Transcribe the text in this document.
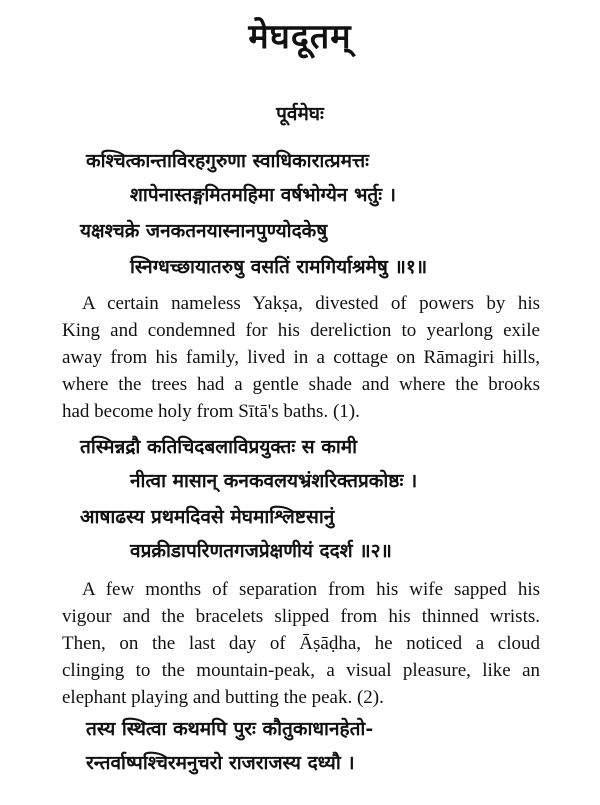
मेघदूतम्
पूर्वमेघः
कश्चित्कान्ताविरहगुरुणा स्वाधिकारात्प्रमत्तः
शापेनास्तङ्गमितमहिमा वर्षभोग्येन भर्तुः ।
यक्षश्चक्रे जनकतनयास्नानपुण्योदकेषु
स्निग्धच्छायातरुषु वसतिं रामगिर्याश्रमेषु ॥१॥
A certain nameless Yakṣa, divested of powers by his
King and condemned for his dereliction to yearlong exile
away from his family, lived in a cottage on Rāmagiri hills,
where the trees had a gentle shade and where the brooks
had become holy from Sītā's baths. (1).
तस्मिन्नद्रौ कतिचिदबलाविप्रयुक्तः स कामी
नीत्वा मासान् कनकवलयभ्रंशरिक्तप्रकोष्ठः ।
आषाढस्य प्रथमदिवसे मेघमाश्लिष्टसानुं
वप्रक्रीडापरिणतगजप्रेक्षणीयं ददर्श ॥२॥
A few months of separation from his wife sapped his
vigour and the bracelets slipped from his thinned wrists.
Then, on the last day of Āṣāḍha, he noticed a cloud
clinging to the mountain-peak, a visual pleasure, like an
elephant playing and butting the peak. (2).
तस्य स्थित्वा कथमपि पुरः कौतुकाधानहेतो-
रन्तर्वाष्पश्चिरमनुचरो राजराजस्य दध्यौ ।
